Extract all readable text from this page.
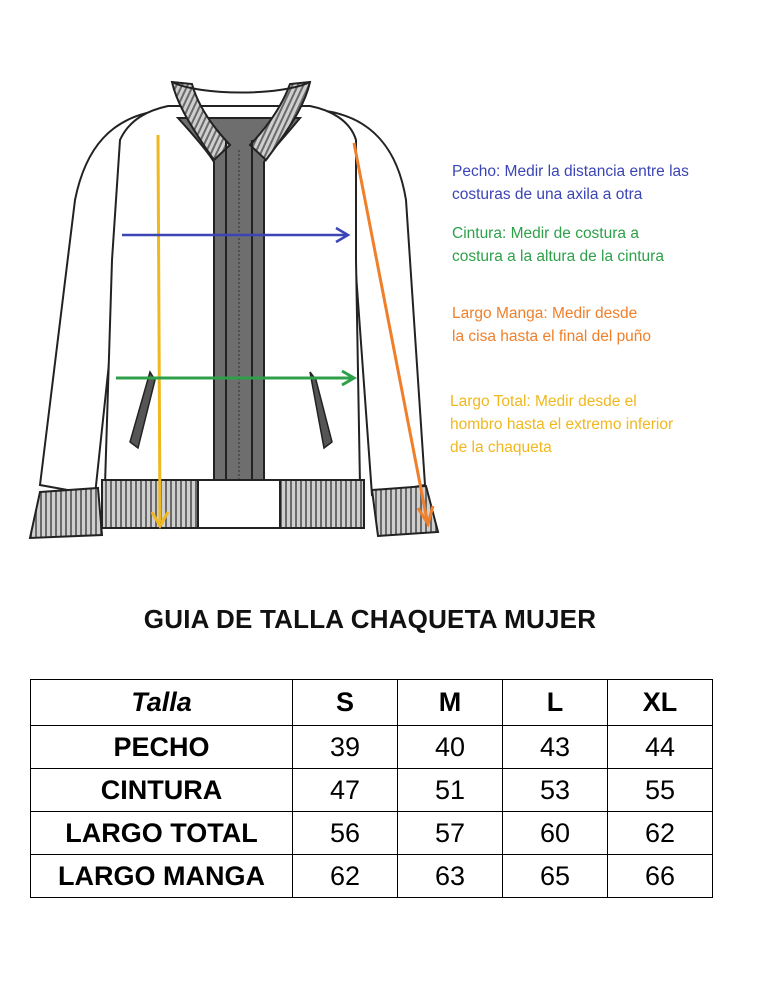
Pecho: Medir la distancia entre las costuras de una axila a otra
Cintura: Medir de costura a costura a la altura de la cintura
Largo Manga: Medir desde la cisa hasta el final del puño
Largo Total: Medir desde el hombro hasta el extremo inferior de la chaqueta
GUIA DE TALLA CHAQUETA MUJER
Talla	S	M	L	XL
PECHO	39	40	43	44
CINTURA	47	51	53	55
LARGO TOTAL	56	57	60	62
LARGO MANGA	62	63	65	66
